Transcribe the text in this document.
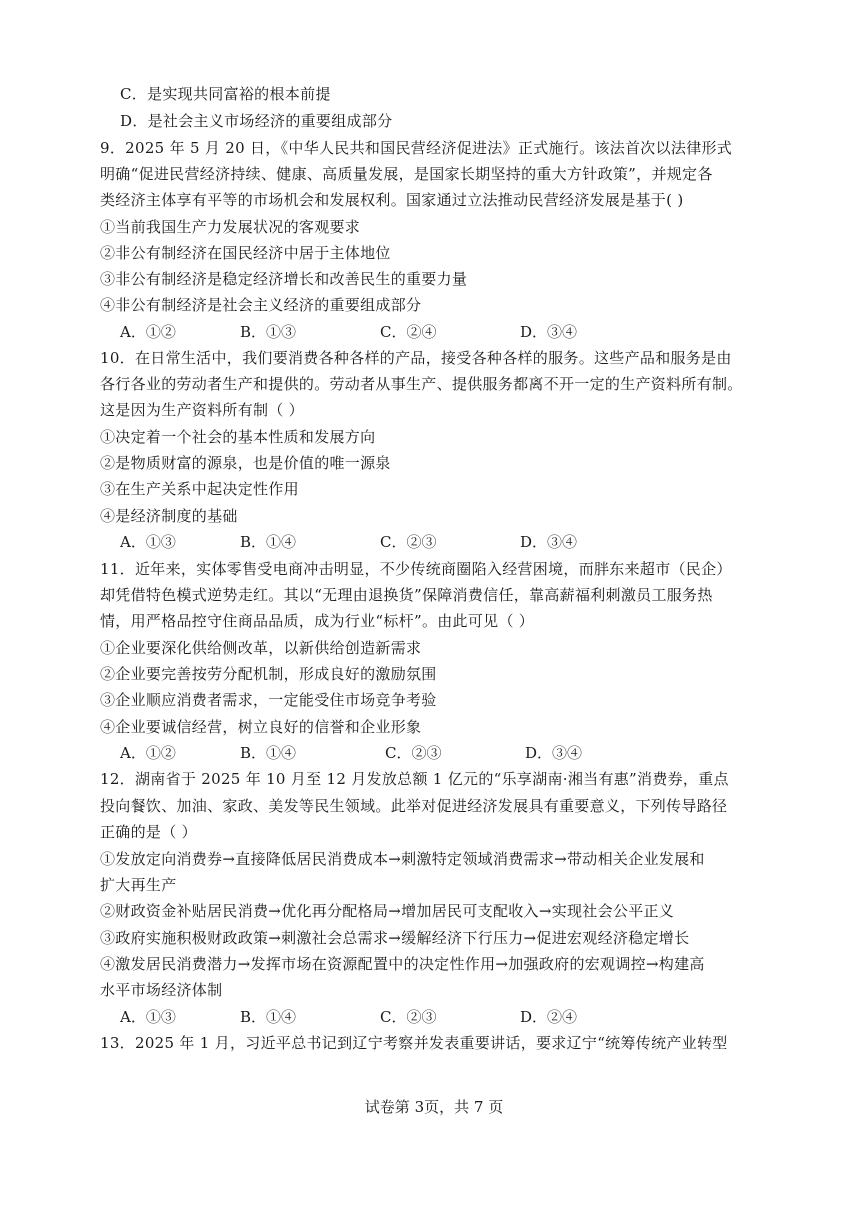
C．是实现共同富裕的根本前提
D．是社会主义市场经济的重要组成部分
9．2025 年 5 月 20 日，《中华人民共和国民营经济促进法》正式施行。该法首次以法律形式
明确“促进民营经济持续、健康、高质量发展，是国家长期坚持的重大方针政策”，并规定各
类经济主体享有平等的市场机会和发展权利。国家通过立法推动民营经济发展是基于( )
①当前我国生产力发展状况的客观要求
②非公有制经济在国民经济中居于主体地位
③非公有制经济是稳定经济增长和改善民生的重要力量
④非公有制经济是社会主义经济的重要组成部分
A．①②	B．①③	C．②④	D．③④
10．在日常生活中，我们要消费各种各样的产品，接受各种各样的服务。这些产品和服务是由
各行各业的劳动者生产和提供的。劳动者从事生产、提供服务都离不开一定的生产资料所有制。
这是因为生产资料所有制（ ）
①决定着一个社会的基本性质和发展方向
②是物质财富的源泉，也是价值的唯一源泉
③在生产关系中起决定性作用
④是经济制度的基础
A．①③	B．①④	C．②③	D．③④
11．近年来，实体零售受电商冲击明显，不少传统商圈陷入经营困境，而胖东来超市（民企）
却凭借特色模式逆势走红。其以“无理由退换货”保障消费信任，靠高薪福利刺激员工服务热
情，用严格品控守住商品品质，成为行业“标杆”。由此可见（ ）
①企业要深化供给侧改革，以新供给创造新需求
②企业要完善按劳分配机制，形成良好的激励氛围
③企业顺应消费者需求，一定能受住市场竞争考验
④企业要诚信经营，树立良好的信誉和企业形象
A．①②	B．①④	C．②③	D．③④
12．湖南省于 2025 年 10 月至 12 月发放总额 1 亿元的“乐享湖南·湘当有惠”消费券，重点
投向餐饮、加油、家政、美发等民生领域。此举对促进经济发展具有重要意义，下列传导路径
正确的是（ ）
①发放定向消费券→直接降低居民消费成本→刺激特定领域消费需求→带动相关企业发展和
扩大再生产
②财政资金补贴居民消费→优化再分配格局→增加居民可支配收入→实现社会公平正义
③政府实施积极财政政策→刺激社会总需求→缓解经济下行压力→促进宏观经济稳定增长
④激发居民消费潜力→发挥市场在资源配置中的决定性作用→加强政府的宏观调控→构建高
水平市场经济体制
A．①③	B．①④	C．②③	D．②④
13．2025 年 1 月，习近平总书记到辽宁考察并发表重要讲话，要求辽宁“统筹传统产业转型
试卷第 3页，共 7 页
